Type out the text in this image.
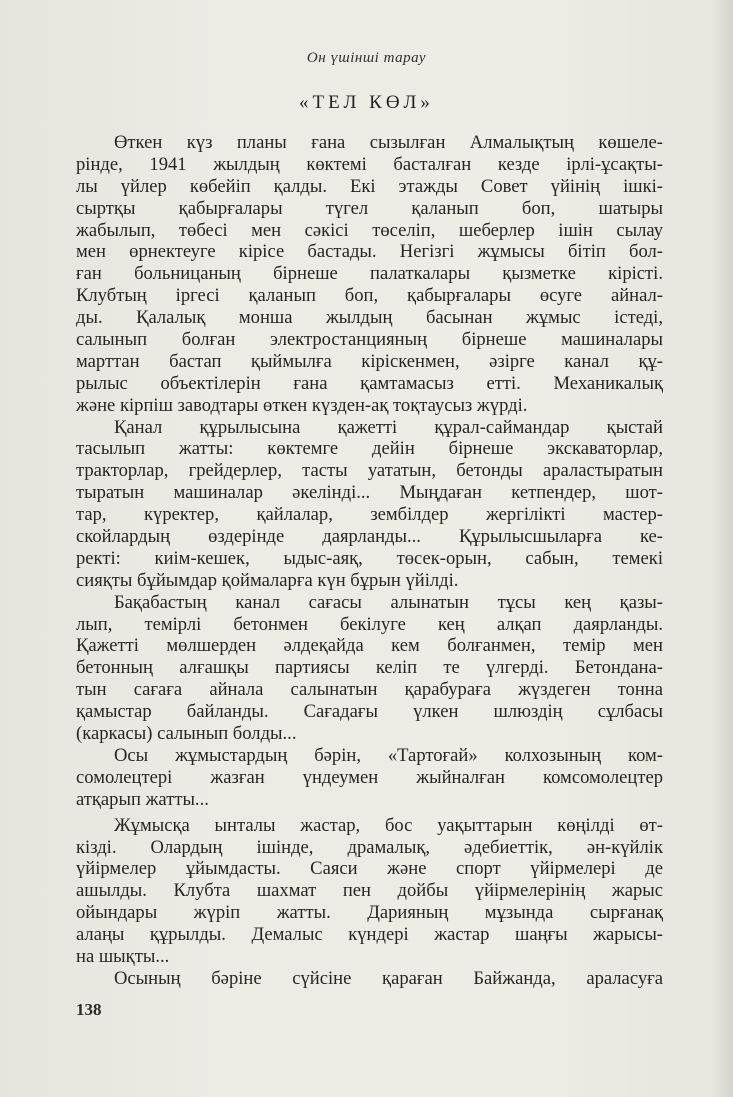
Он үшінші тарау
«ТЕЛ КӨЛ»
Өткен күз планы ғана сызылған Алмалықтың көшеле-
рінде, 1941 жылдың көктемі басталған кезде ірлі-ұсақты-
лы үйлер көбейіп қалды. Екі этажды Совет үйінің ішкі-
сыртқы қабырғалары түгел қаланып боп, шатыры
жабылып, төбесі мен сәкісі төселіп, шеберлер ішін сылау
мен өрнектеуге кірісе бастады. Негізгі жұмысы бітіп бол-
ған больницаның бірнеше палаткалары қызметке кірісті.
Клубтың іргесі қаланып боп, қабырғалары өсуге айнал-
ды. Қалалық монша жылдың басынан жұмыс істеді,
салынып болған электростанцияның бірнеше машиналары
марттан бастап қыймылға кіріскенмен, әзірге канал құ-
рылыс объектілерін ғана қамтамасыз етті. Механикалық
және кірпіш заводтары өткен күзден-ақ тоқтаусыз жүрді.
Қанал құрылысына қажетті құрал-саймандар қыстай
тасылып жатты: көктемге дейін бірнеше экскаваторлар,
тракторлар, грейдерлер, тасты уататын, бетонды араластыратын
тыратын машиналар әкелінді... Мыңдаған кетпендер, шот-
тар, күректер, қайлалар, зембілдер жергілікті мастер-
скойлардың өздерінде даярланды... Құрылысшыларға ке-
ректі: киім-кешек, ыдыс-аяқ, төсек-орын, сабын, темекі
сияқты бұйымдар қоймаларға күн бұрын үйілді.
Бақабастың канал сағасы алынатын тұсы кең қазы-
лып, темірлі бетонмен бекілуге кең алқап даярланды.
Қажетті мөлшерден әлдеқайда кем болғанмен, темір мен
бетонның алғашқы партиясы келіп те үлгерді. Бетондана-
тын сағаға айнала салынатын қарабураға жүздеген тонна
қамыстар байланды. Сағадағы үлкен шлюздің сұлбасы
(каркасы) салынып болды...
Осы жұмыстардың бәрін, «Тартоғай» колхозының ком-
сомолецтері жазған үндеумен жыйналған комсомолецтер
атқарып жатты...
Жұмысқа ынталы жастар, бос уақыттарын көңілді өт-
кізді. Олардың ішінде, драмалық, әдебиеттік, ән-күйлік
үйірмелер ұйымдасты. Саяси және спорт үйірмелері де
ашылды. Клубта шахмат пен дойбы үйірмелерінің жарыс
ойындары жүріп жатты. Дарияның мұзында сырғанақ
алаңы құрылды. Демалыс күндері жастар шаңғы жарысы-
на шықты...
Осының бәріне сүйсіне қараған Байжанда, араласуға
138
